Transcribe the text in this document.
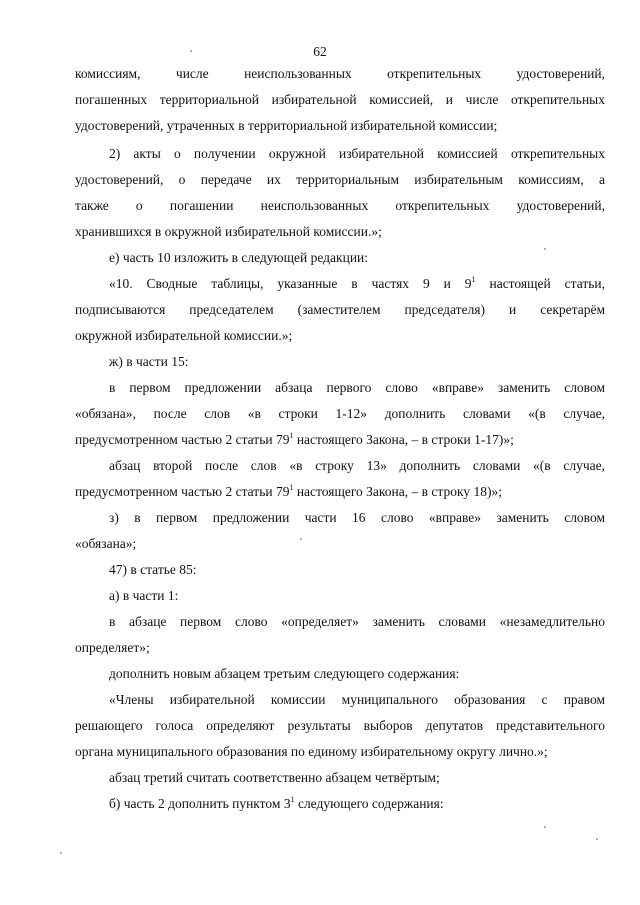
62
комиссиям, числе неиспользованных открепительных удостоверений,
погашенных территориальной избирательной комиссией, и числе открепительных
удостоверений, утраченных в территориальной избирательной комиссии;
2) акты о получении окружной избирательной комиссией открепительных
удостоверений, о передаче их территориальным избирательным комиссиям, а
также о погашении неиспользованных открепительных удостоверений,
хранившихся в окружной избирательной комиссии.»;
е) часть 10 изложить в следующей редакции:
«10. Сводные таблицы, указанные в частях 9 и $9^1$ настоящей статьи,
подписываются председателем (заместителем председателя) и секретарём
окружной избирательной комиссии.»;
ж) в части 15:
в первом предложении абзаца первого слово «вправе» заменить словом
«обязана», после слов «в строки 1-12» дополнить словами «(в случае,
предусмотренном частью 2 статьи $79^1$ настоящего Закона, – в строки 1-17)»;
абзац второй после слов «в строку 13» дополнить словами «(в случае,
предусмотренном частью 2 статьи $79^1$ настоящего Закона, – в строку 18)»;
з) в первом предложении части 16 слово «вправе» заменить словом
«обязана»;
47) в статье 85:
а) в части 1:
в абзаце первом слово «определяет» заменить словами «незамедлительно
определяет»;
дополнить новым абзацем третьим следующего содержания:
«Члены избирательной комиссии муниципального образования с правом
решающего голоса определяют результаты выборов депутатов представительного
органа муниципального образования по единому избирательному округу лично.»;
абзац третий считать соответственно абзацем четвёртым;
б) часть 2 дополнить пунктом $3^1$ следующего содержания:
